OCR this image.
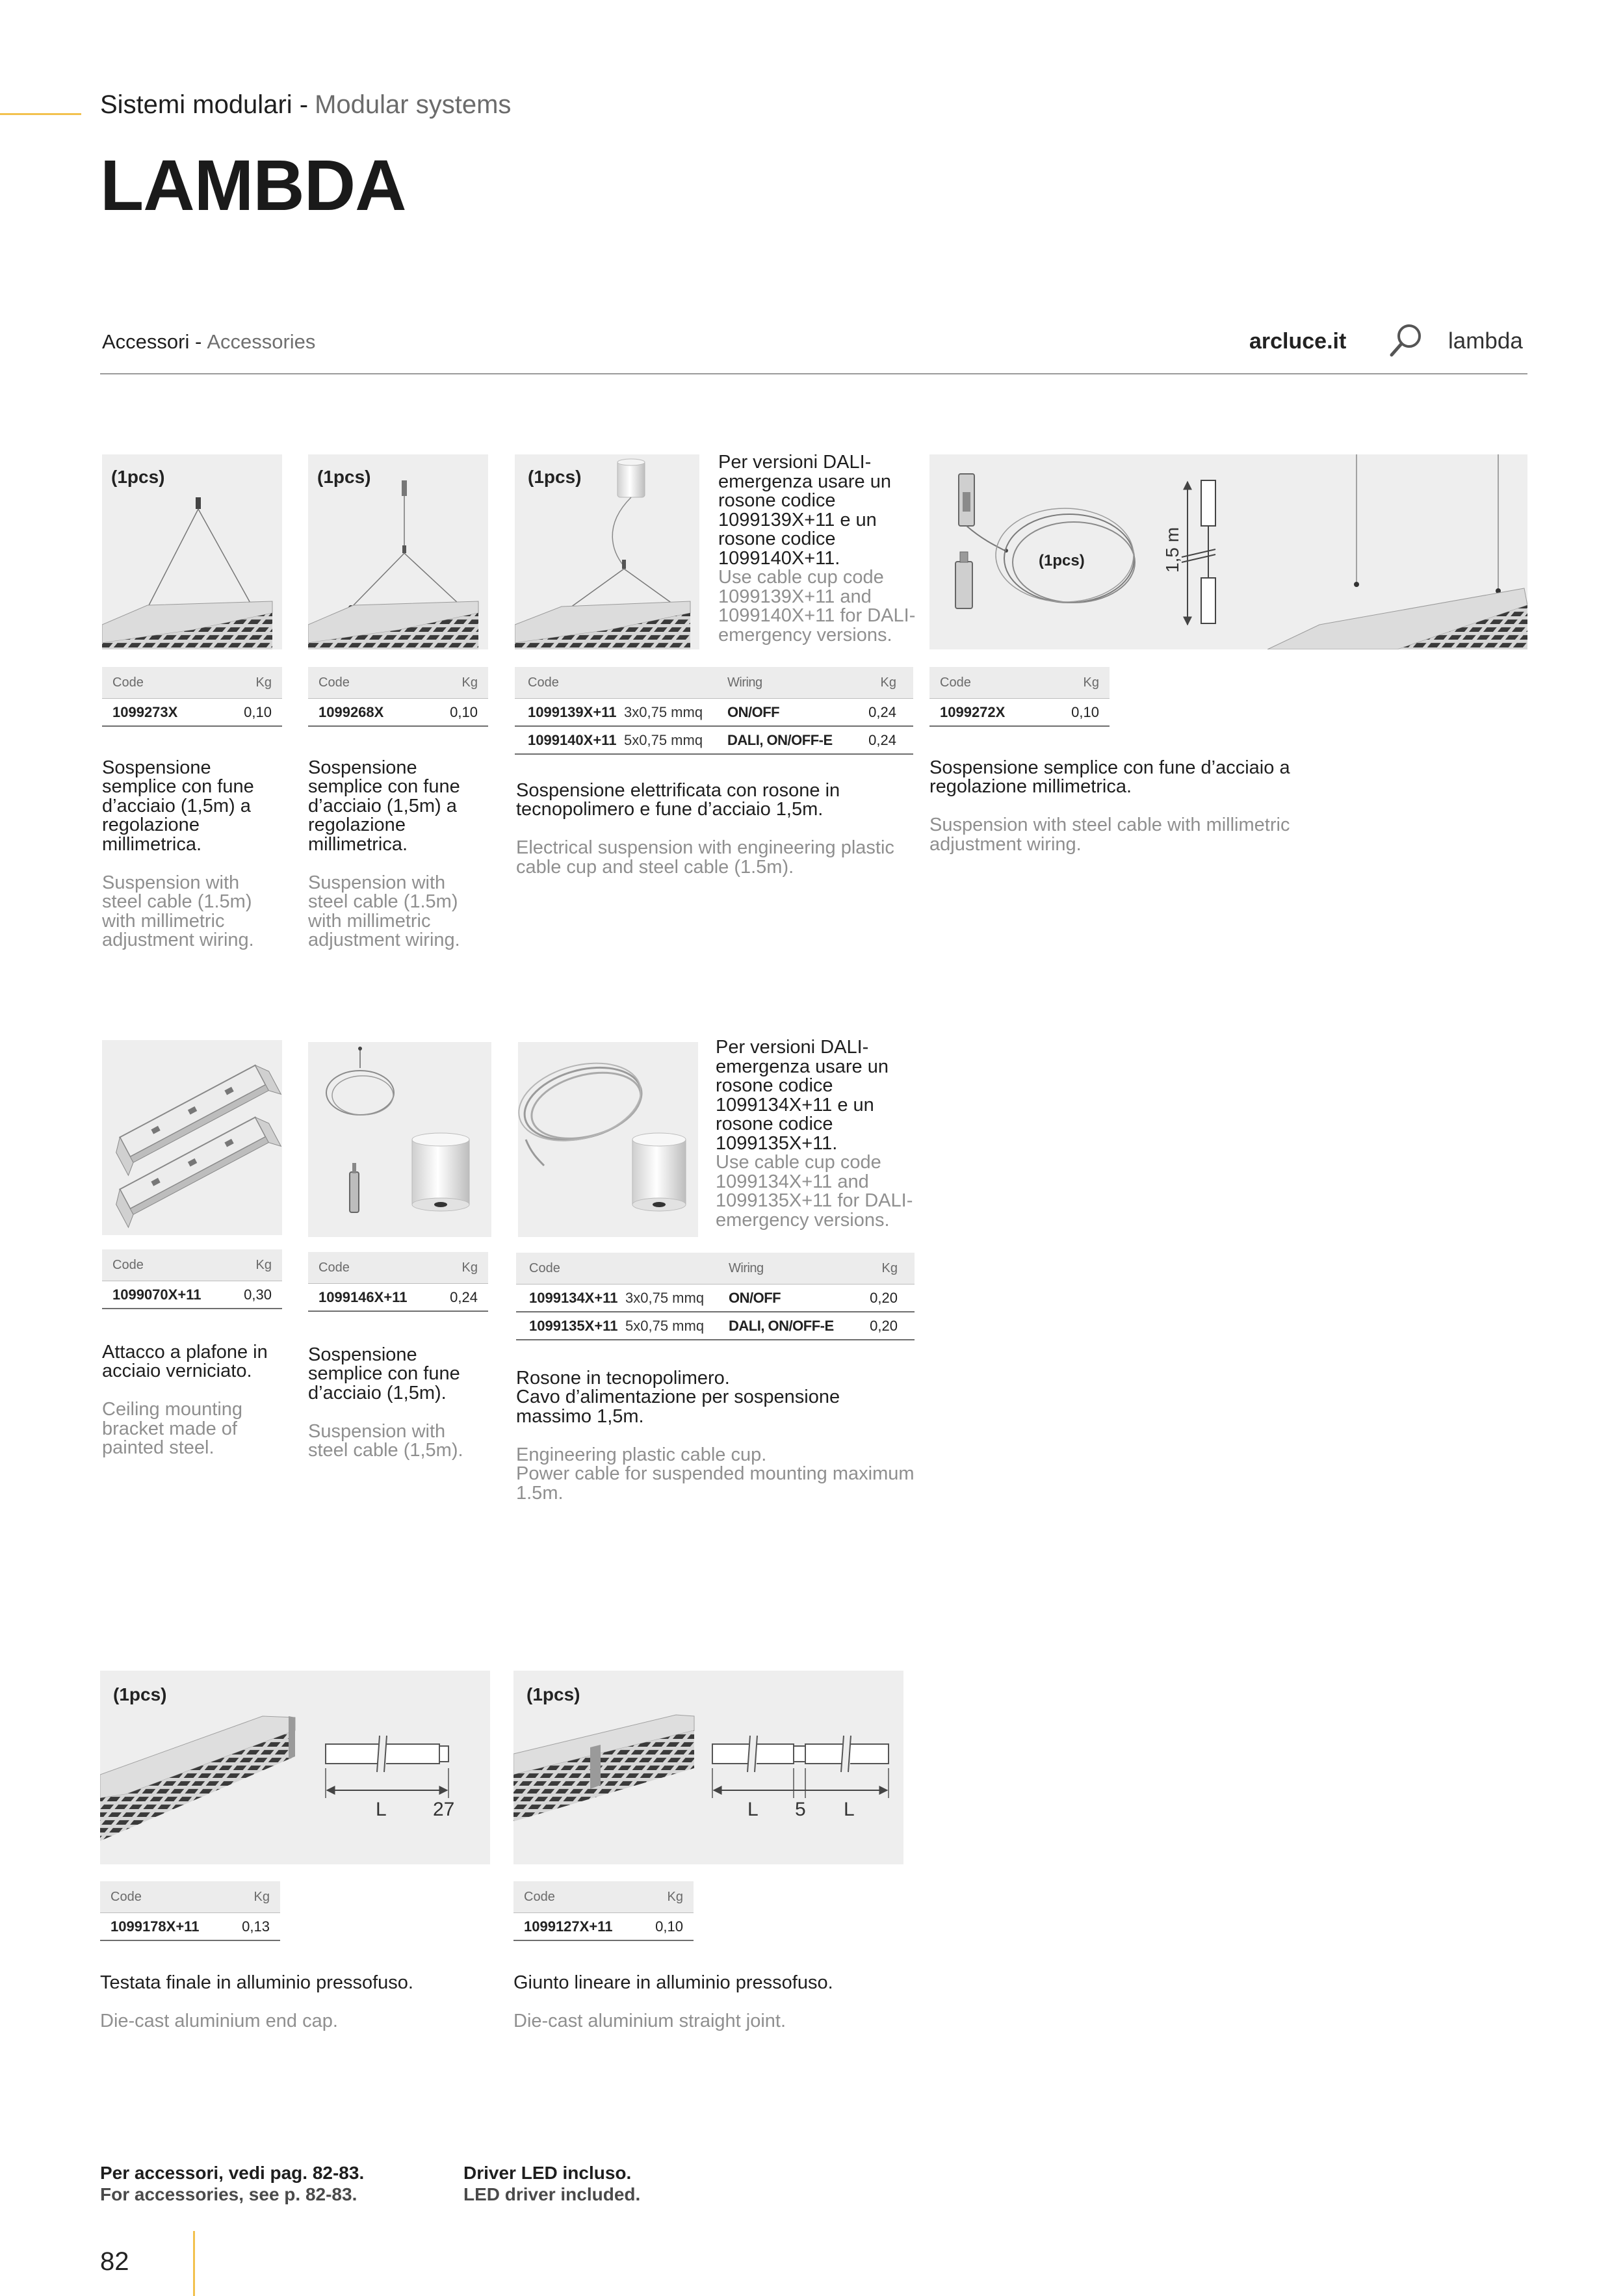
Sistemi modulari - Modular systems
LAMBDA
Accessori - Accessories	arcluce.it	lambda
(1pcs)	(1pcs)	(1pcs)
Per versioni DALI-emergenza usare un rosone codice 1099139X+11 e un rosone codice 1099140X+11.
Use cable cup code 1099139X+11 and 1099140X+11 for DALI-emergency versions.
(1pcs)	1,5 m
Code	Kg
1099273X	0,10
Code	Kg
1099268X	0,10
Code	Wiring	Kg
1099139X+11 3x0,75 mmq	ON/OFF	0,24
1099140X+11 5x0,75 mmq	DALI, ON/OFF-E	0,24
Code	Kg
1099272X	0,10

Sospensione semplice con fune d’acciaio (1,5m) a regolazione millimetrica.

Suspension with steel cable (1.5m) with millimetric adjustment wiring.

Sospensione semplice con fune d’acciaio (1,5m) a regolazione millimetrica.

Suspension with steel cable (1.5m) with millimetric adjustment wiring.

Sospensione elettrificata con rosone in tecnopolimero e fune d’acciaio 1,5m.

Electrical suspension with engineering plastic cable cup and steel cable (1.5m).

Sospensione semplice con fune d’acciaio a regolazione millimetrica.

Suspension with steel cable with millimetric adjustment wiring.

Per versioni DALI-emergenza usare un rosone codice 1099134X+11 e un rosone codice 1099135X+11.
Use cable cup code 1099134X+11 and 1099135X+11 for DALI-emergency versions.
Code	Kg
1099070X+11	0,30
Code	Kg
1099146X+11	0,24
Code	Wiring	Kg
1099134X+11 3x0,75 mmq	ON/OFF	0,20
1099135X+11 5x0,75 mmq	DALI, ON/OFF-E	0,20

Attacco a plafone in acciaio verniciato.

Ceiling mounting bracket made of painted steel.

Sospensione semplice con fune d’acciaio (1,5m).

Suspension with steel cable (1,5m).

Rosone in tecnopolimero.
Cavo d’alimentazione per sospensione massimo 1,5m.

Engineering plastic cable cup.
Power cable for suspended mounting maximum 1.5m.

(1pcs)
L 27
(1pcs)
L 5 L
Code	Kg
1099178X+11	0,13
Code	Kg
1099127X+11	0,10

Testata finale in alluminio pressofuso.

Die-cast aluminium end cap.

Giunto lineare in alluminio pressofuso.

Die-cast aluminium straight joint.

Per accessori, vedi pag. 82-83.
For accessories, see p. 82-83.
Driver LED incluso.
LED driver included.
82
